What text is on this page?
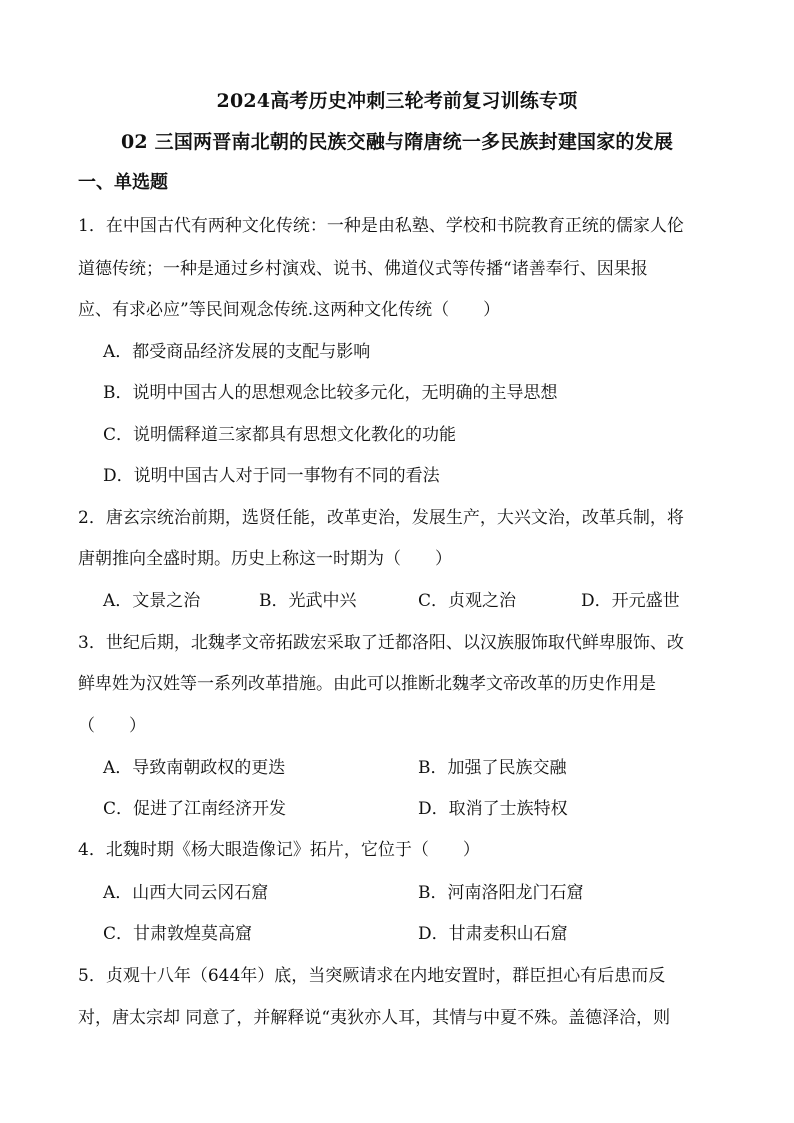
2024高考历史冲刺三轮考前复习训练专项
02 三国两晋南北朝的民族交融与隋唐统一多民族封建国家的发展
一、单选题
1．在中国古代有两种文化传统：一种是由私塾、学校和书院教育正统的儒家人伦
道德传统；一种是通过乡村演戏、说书、佛道仪式等传播“诸善奉行、因果报
应、有求必应”等民间观念传统.这两种文化传统（　　）
A．都受商品经济发展的支配与影响
B．说明中国古人的思想观念比较多元化，无明确的主导思想
C．说明儒释道三家都具有思想文化教化的功能
D．说明中国古人对于同一事物有不同的看法
2．唐玄宗统治前期，选贤任能，改革吏治，发展生产，大兴文治，改革兵制，将
唐朝推向全盛时期。历史上称这一时期为（　　）
A．文景之治	B．光武中兴	C．贞观之治	D．开元盛世
3．世纪后期，北魏孝文帝拓跋宏采取了迁都洛阳、以汉族服饰取代鲜卑服饰、改
鲜卑姓为汉姓等一系列改革措施。由此可以推断北魏孝文帝改革的历史作用是
（　　）
A．导致南朝政权的更迭	B．加强了民族交融
C．促进了江南经济开发	D．取消了士族特权
4．北魏时期《杨大眼造像记》拓片，它位于（　　）
A．山西大同云冈石窟	B．河南洛阳龙门石窟
C．甘肃敦煌莫高窟	D．甘肃麦积山石窟
5．贞观十八年（644年）底，当突厥请求在内地安置时，群臣担心有后患而反
对，唐太宗却 同意了，并解释说“夷狄亦人耳，其情与中夏不殊。盖德泽洽，则
